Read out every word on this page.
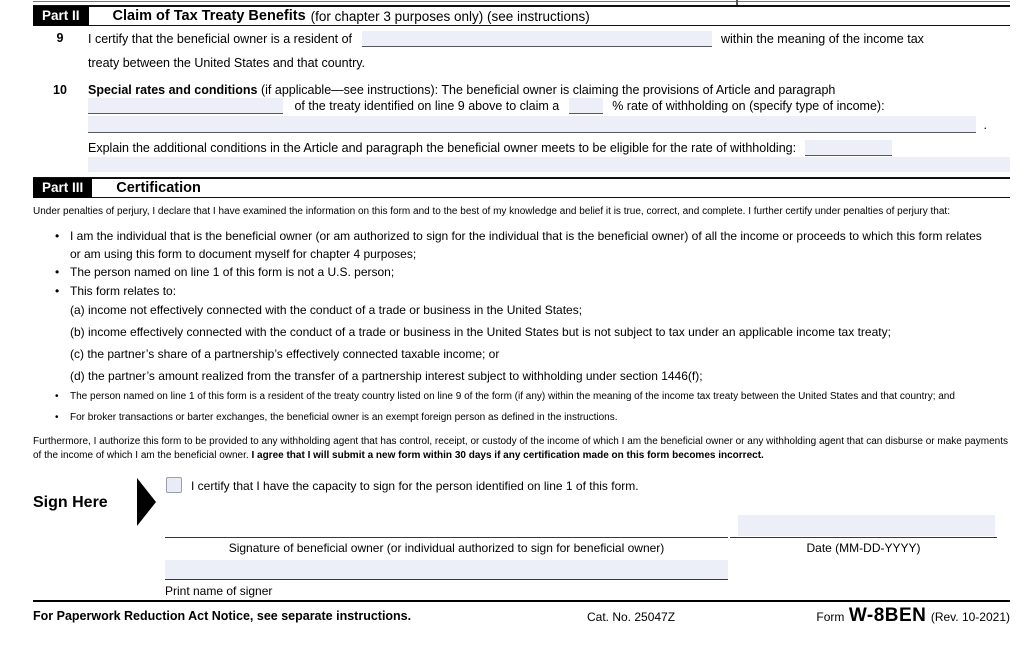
Part II	Claim of Tax Treaty Benefits (for chapter 3 purposes only) (see instructions)
9	I certify that the beneficial owner is a resident of	within the meaning of the income tax
treaty between the United States and that country.
10	Special rates and conditions (if applicable—see instructions): The beneficial owner is claiming the provisions of Article and paragraph
of the treaty identified on line 9 above to claim a	% rate of withholding on (specify type of income):
.
Explain the additional conditions in the Article and paragraph the beneficial owner meets to be eligible for the rate of withholding:
Part III	Certification
Under penalties of perjury, I declare that I have examined the information on this form and to the best of my knowledge and belief it is true, correct, and complete. I further certify under penalties of perjury that:
• I am the individual that is the beneficial owner (or am authorized to sign for the individual that is the beneficial owner) of all the income or proceeds to which this form relates or am using this form to document myself for chapter 4 purposes;
• The person named on line 1 of this form is not a U.S. person;
• This form relates to:
(a) income not effectively connected with the conduct of a trade or business in the United States;
(b) income effectively connected with the conduct of a trade or business in the United States but is not subject to tax under an applicable income tax treaty;
(c) the partner’s share of a partnership’s effectively connected taxable income; or
(d) the partner’s amount realized from the transfer of a partnership interest subject to withholding under section 1446(f);
•	The person named on line 1 of this form is a resident of the treaty country listed on line 9 of the form (if any) within the meaning of the income tax treaty between the United States and that country; and
•	For broker transactions or barter exchanges, the beneficial owner is an exempt foreign person as defined in the instructions.
Furthermore, I authorize this form to be provided to any withholding agent that has control, receipt, or custody of the income of which I am the beneficial owner or any withholding agent that can disburse or make payments of the income of which I am the beneficial owner. I agree that I will submit a new form within 30 days if any certification made on this form becomes incorrect.
I certify that I have the capacity to sign for the person identified on line 1 of this form.
Sign Here
Signature of beneficial owner (or individual authorized to sign for beneficial owner)	Date (MM-DD-YYYY)
Print name of signer
For Paperwork Reduction Act Notice, see separate instructions.	Cat. No. 25047Z	Form W-8BEN (Rev. 10-2021)
